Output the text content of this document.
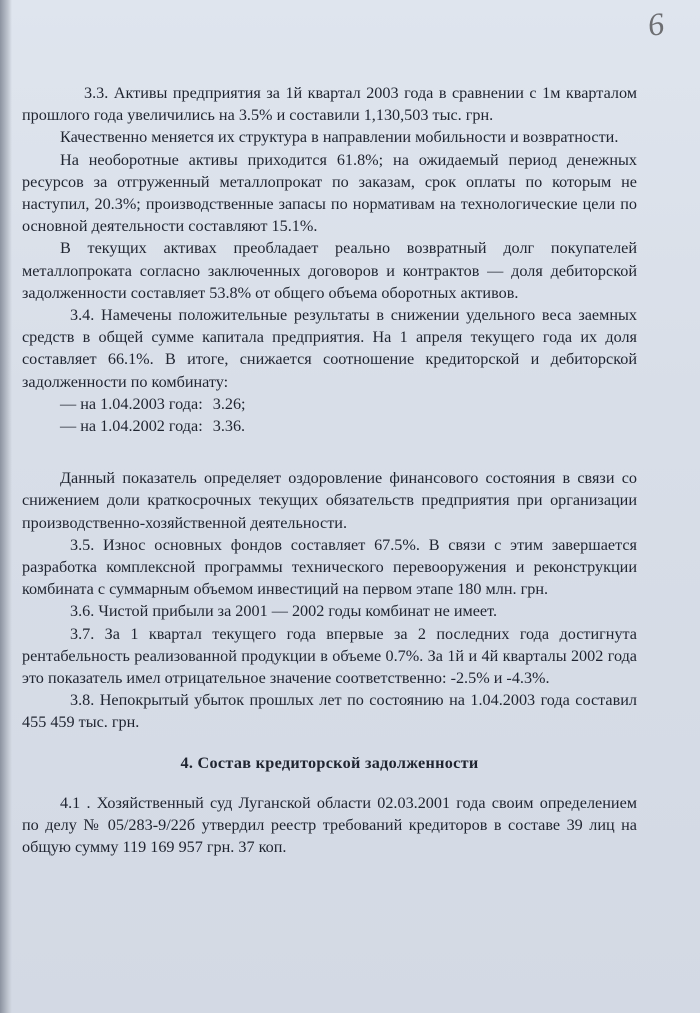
6

3.3. Активы предприятия за 1й квартал 2003 года в сравнении с 1м кварталом прошлого года увеличились на 3.5% и составили 1,130,503 тыс. грн.

Качественно меняется их структура в направлении мобильности и возвратности.

На необоротные активы приходится 61.8%; на ожидаемый период денежных ресурсов за отгруженный металлопрокат по заказам, срок оплаты по которым не наступил, 20.3%; производственные запасы по нормативам на технологические цели по основной деятельности составляют 15.1%.

В текущих активах преобладает реально возвратный долг покупателей металлопроката согласно заключенных договоров и контрактов — доля дебиторской задолженности составляет 53.8% от общего объема оборотных активов.

3.4. Намечены положительные результаты в снижении удельного веса заемных средств в общей сумме капитала предприятия. На 1 апреля текущего года их доля составляет 66.1%. В итоге, снижается соотношение кредиторской и дебиторской задолженности по комбинату:

— на 1.04.2003 года: 3.26;

— на 1.04.2002 года: 3.36.

Данный показатель определяет оздоровление финансового состояния в связи со снижением доли краткосрочных текущих обязательств предприятия при организации производственно-хозяйственной деятельности.

3.5. Износ основных фондов составляет 67.5%. В связи с этим завершается разработка комплексной программы технического перевооружения и реконструкции комбината с суммарным объемом инвестиций на первом этапе 180 млн. грн.

3.6. Чистой прибыли за 2001 — 2002 годы комбинат не имеет.

3.7. За 1 квартал текущего года впервые за 2 последних года достигнута рентабельность реализованной продукции в объеме 0.7%. За 1й и 4й кварталы 2002 года это показатель имел отрицательное значение соответственно: -2.5% и -4.3%.

3.8. Непокрытый убыток прошлых лет по состоянию на 1.04.2003 года составил 455 459 тыс. грн.

4. Состав кредиторской задолженности

4.1 . Хозяйственный суд Луганской области 02.03.2001 года своим определением по делу № 05/283-9/22б утвердил реестр требований кредиторов в составе 39 лиц на общую сумму 119 169 957 грн. 37 коп.
